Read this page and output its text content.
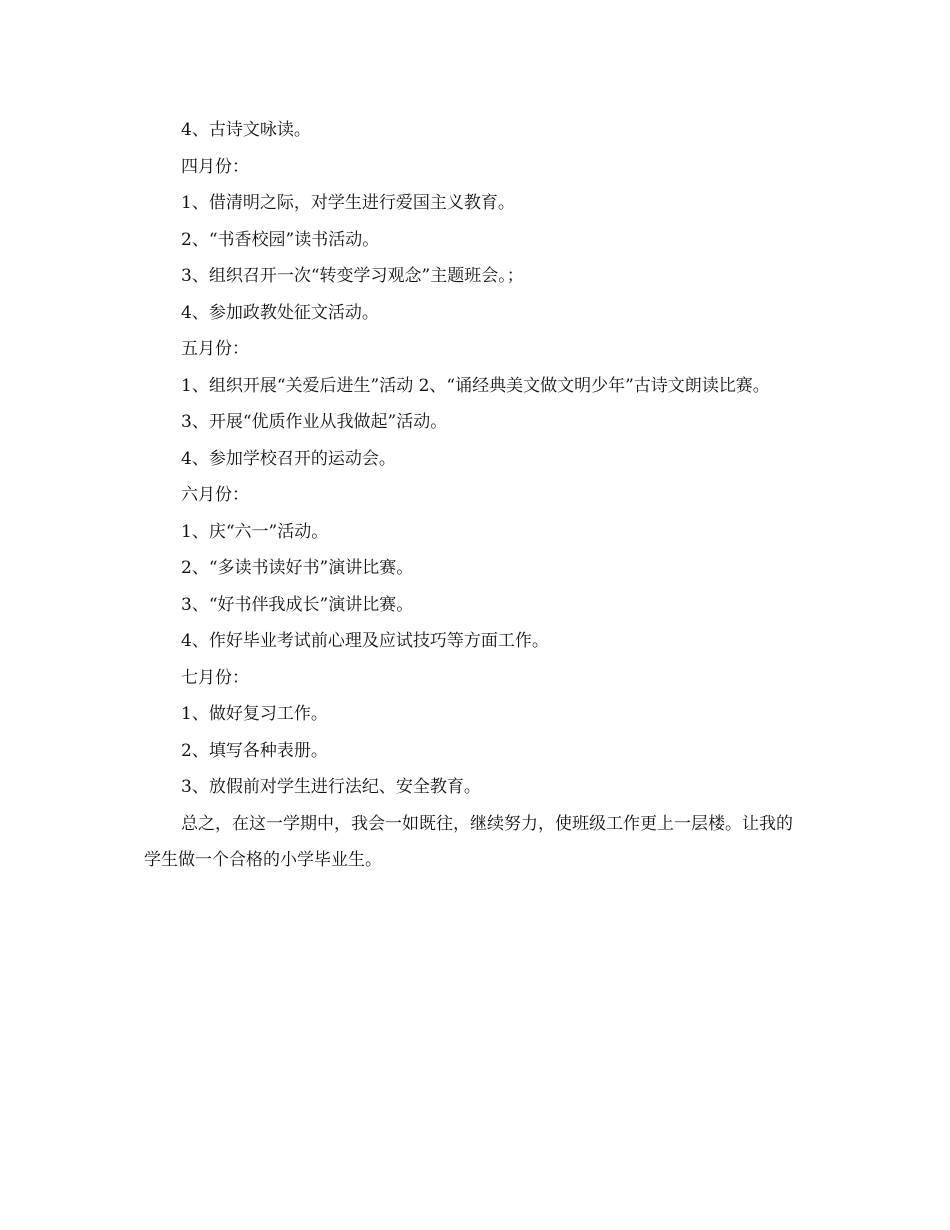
4、古诗文咏读。

四月份：

1、借清明之际，对学生进行爱国主义教育。

2、“书香校园”读书活动。

3、组织召开一次“转变学习观念”主题班会。；

4、参加政教处征文活动。

五月份：

1、组织开展“关爱后进生”活动 2、“诵经典美文做文明少年”古诗文朗读比赛。

3、开展“优质作业从我做起”活动。

4、参加学校召开的运动会。

六月份：

1、庆“六一”活动。

2、“多读书读好书”演讲比赛。

3、“好书伴我成长”演讲比赛。

4、作好毕业考试前心理及应试技巧等方面工作。

七月份：

1、做好复习工作。

2、填写各种表册。

3、放假前对学生进行法纪、安全教育。

总之，在这一学期中，我会一如既往，继续努力，使班级工作更上一层楼。让我的学生做一个合格的小学毕业生。
